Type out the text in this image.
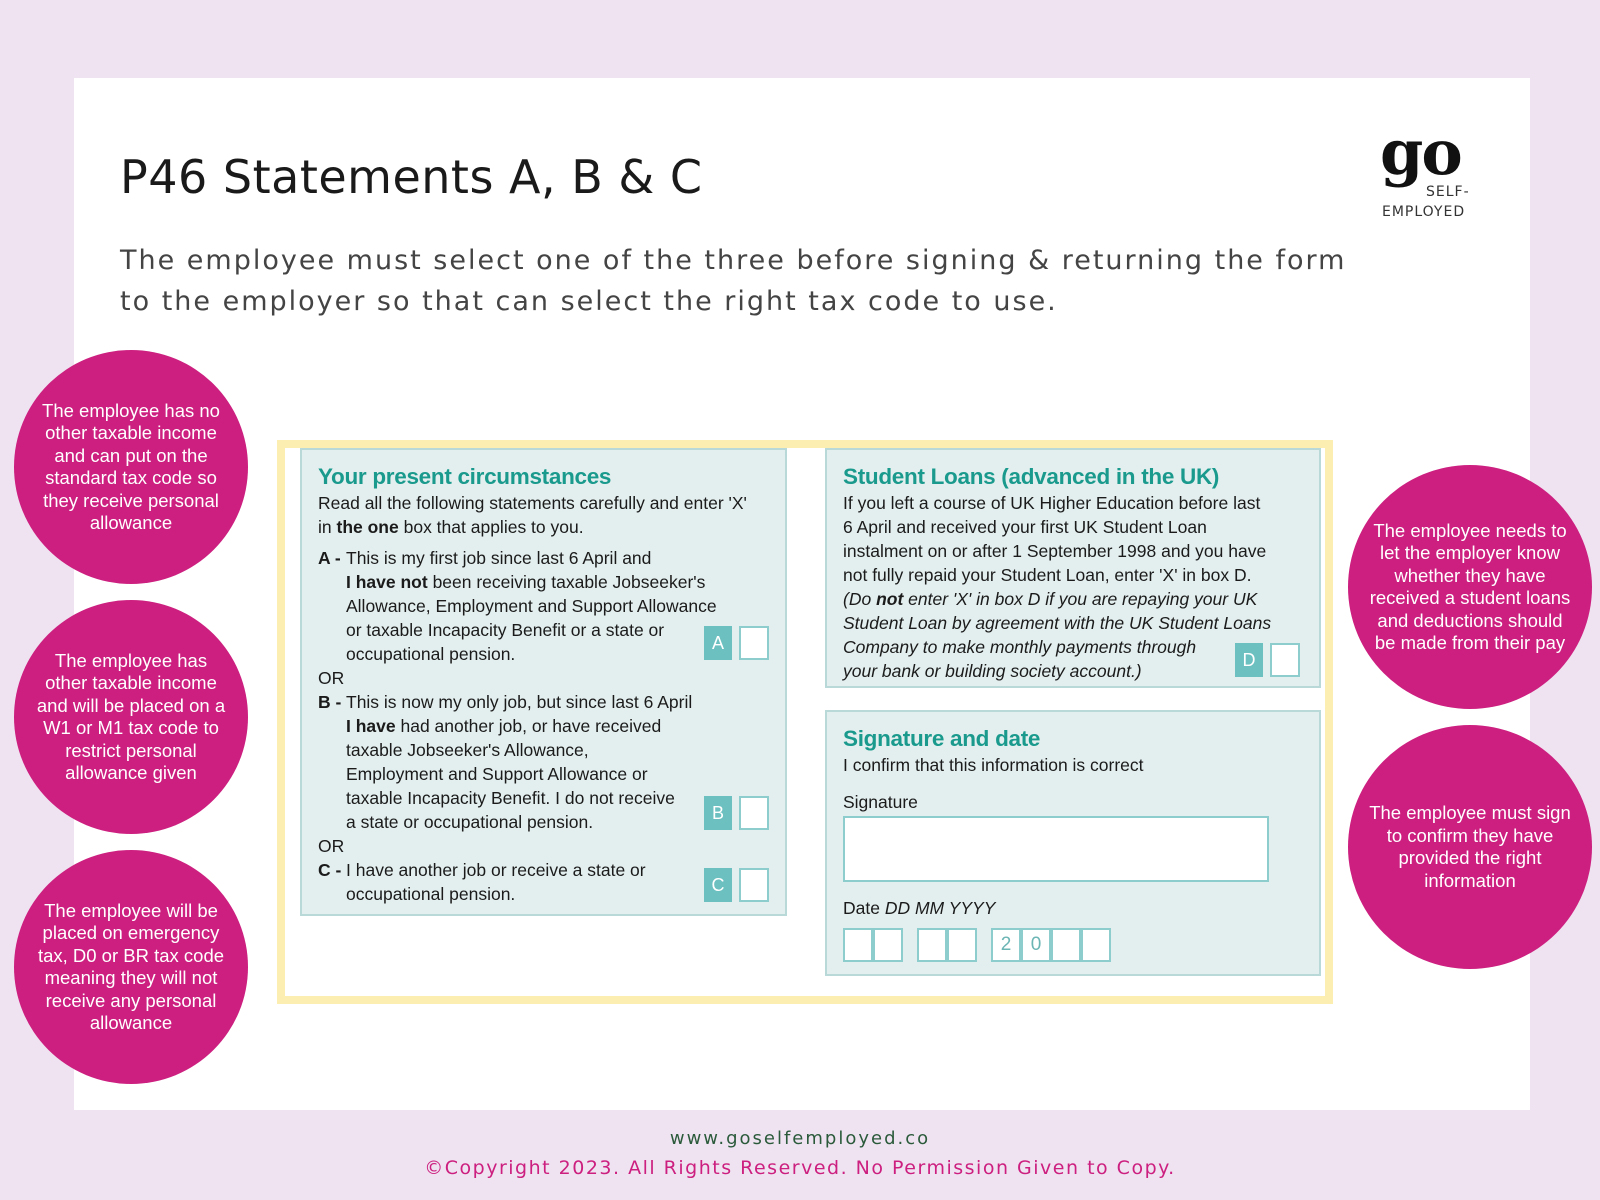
P46 Statements A, B & C

The employee must select one of the three before signing & returning the form to the employer so that can select the right tax code to use.

go
SELF-
EMPLOYED
The employee has no other taxable income and can put on the standard tax code so they receive personal allowance
The employee has other taxable income and will be placed on a W1 or M1 tax code to restrict personal allowance given
The employee will be placed on emergency tax, D0 or BR tax code meaning they will not receive any personal allowance
The employee needs to let the employer know whether they have received a student loans and deductions should be made from their pay
The employee must sign to confirm they have provided the right information
Your present circumstances
Read all the following statements carefully and enter 'X'
in the one box that applies to you.
A - This is my first job since last 6 April and
I have not been receiving taxable Jobseeker's
Allowance, Employment and Support Allowance
or taxable Incapacity Benefit or a state or
occupational pension.
A
OR
B - This is now my only job, but since last 6 April
I have had another job, or have received
taxable Jobseeker's Allowance,
Employment and Support Allowance or
taxable Incapacity Benefit. I do not receive
a state or occupational pension.	B
OR
C - I have another job or receive a state or
occupational pension.	C
Student Loans (advanced in the UK)
If you left a course of UK Higher Education before last
6 April and received your first UK Student Loan
instalment on or after 1 September 1998 and you have
not fully repaid your Student Loan, enter 'X' in box D.
(Do not enter 'X' in box D if you are repaying your UK
Student Loan by agreement with the UK Student Loans
Company to make monthly payments through
your bank or building society account.)
D
Signature and date
I confirm that this information is correct
Signature
Date DD MM YYYY
2	0
www.goselfemployed.co
©Copyright 2023. All Rights Reserved. No Permission Given to Copy.
